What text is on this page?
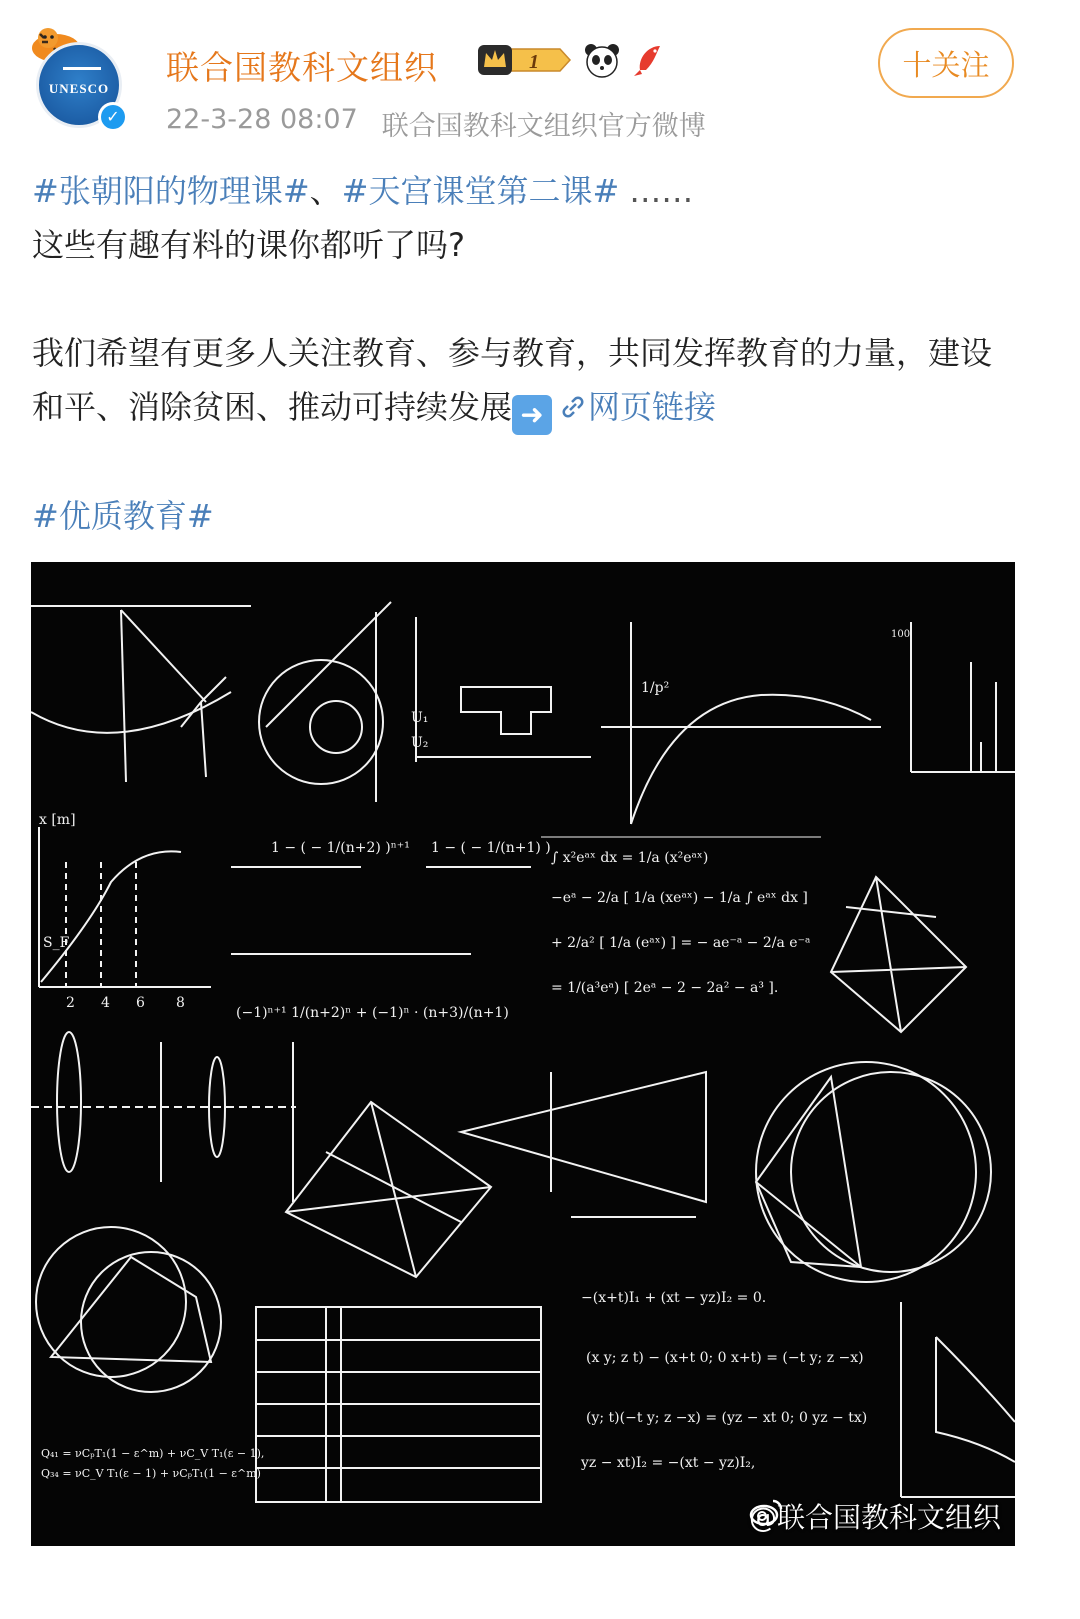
UNESCO
✓
联合国教科文组织	1
22-3-28 08:07 联合国教科文组织官方微博
十关注
#张朝阳的物理课#、#天宫课堂第二课# ……
这些有趣有料的课你都听了吗?
我们希望有更多人关注教育、参与教育，共同发挥教育的力量，建设和平、消除贫困、推动可持续发展 ➜ 网页链接
#优质教育#
1 − ( − 1/(n+2) )ⁿ⁺¹ 1 − ( − 1/(n+1) )
∫ x²eᵃˣ dx = 1/a (x²eᵃˣ)
−eᵃ − 2/a [ 1/a (xeᵃˣ) − 1/a ∫ eᵃˣ dx ]
+ 2/a² [ 1/a (eᵃˣ) ] = − ae⁻ᵃ − 2/a e⁻ᵃ
= 1/(a³eᵃ) [ 2eᵃ − 2 − 2a² − a³ ].
(−1)ⁿ⁺¹ 1/(n+2)ⁿ + (−1)ⁿ · (n+3)/(n+1)
−(x+t)I₁ + (xt − yz)I₂ = 0.
(x y; z t) − (x+t 0; 0 x+t) = (−t y; z −x)
(y; t)(−t y; z −x) = (yz − xt 0; 0 yz − tx)
yz − xt)I₂ = −(xt − yz)I₂,
Q₄₁ = νCₚT₁(1 − ε^m) + νC_V T₁(ε − 1),
Q₃₄ = νC_V T₁(ε − 1) + νCₚT₁(1 − ε^m)
U₁
U₂
1/p²
100
x [m]
S_F
2 4 6 8
@联合国教科文组织
